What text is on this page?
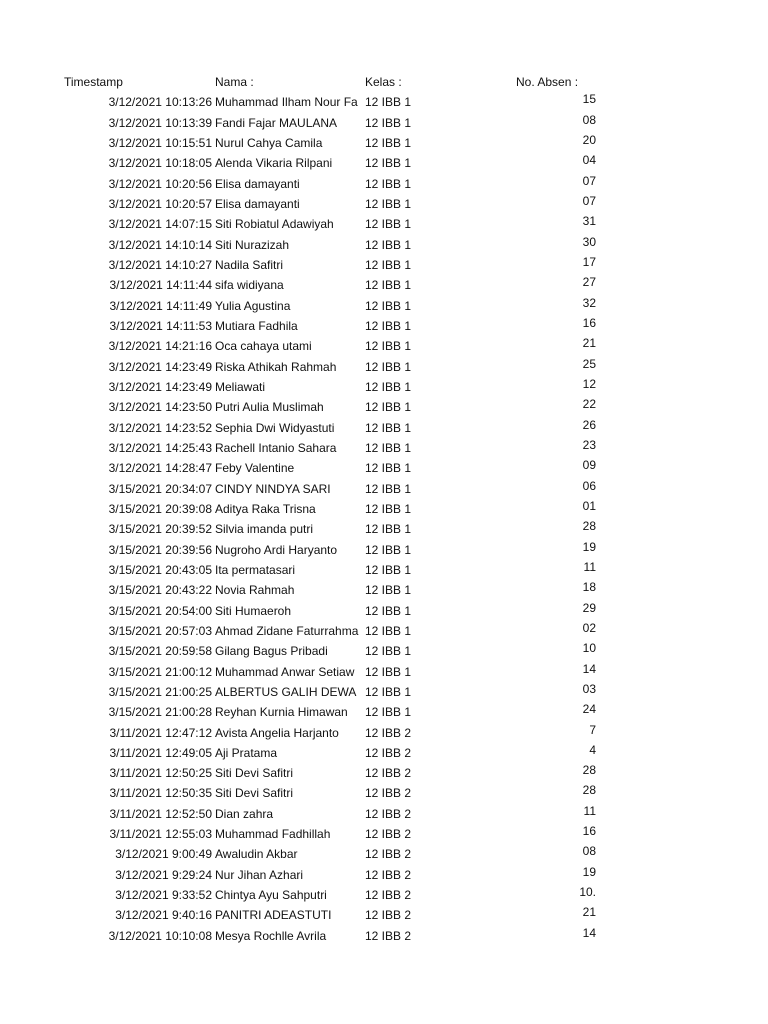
Timestamp	Nama :	Kelas :	No. Absen :
3/12/2021 10:13:26 Muhammad Ilham Nour Fa 12 IBB 1	15
3/12/2021 10:13:39 Fandi Fajar MAULANA	12 IBB 1	08
3/12/2021 10:15:51 Nurul Cahya Camila	12 IBB 1	20
3/12/2021 10:18:05 Alenda Vikaria Rilpani	12 IBB 1	04
3/12/2021 10:20:56 Elisa damayanti	12 IBB 1	07
3/12/2021 10:20:57 Elisa damayanti	12 IBB 1	07
3/12/2021 14:07:15 Siti Robiatul Adawiyah	12 IBB 1	31
3/12/2021 14:10:14 Siti Nurazizah	12 IBB 1	30
3/12/2021 14:10:27 Nadila Safitri	12 IBB 1	17
3/12/2021 14:11:44 sifa widiyana	12 IBB 1	27
3/12/2021 14:11:49 Yulia Agustina	12 IBB 1	32
3/12/2021 14:11:53 Mutiara Fadhila	12 IBB 1	16
3/12/2021 14:21:16 Oca cahaya utami	12 IBB 1	21
3/12/2021 14:23:49 Riska Athikah Rahmah	12 IBB 1	25
3/12/2021 14:23:49 Meliawati	12 IBB 1	12
3/12/2021 14:23:50 Putri Aulia Muslimah	12 IBB 1	22
3/12/2021 14:23:52 Sephia Dwi Widyastuti	12 IBB 1	26
3/12/2021 14:25:43 Rachell Intanio Sahara	12 IBB 1	23
3/12/2021 14:28:47 Feby Valentine	12 IBB 1	09
3/15/2021 20:34:07 CINDY NINDYA SARI	12 IBB 1	06
3/15/2021 20:39:08 Aditya Raka Trisna	12 IBB 1	01
3/15/2021 20:39:52 Silvia imanda putri	12 IBB 1	28
3/15/2021 20:39:56 Nugroho Ardi Haryanto	12 IBB 1	19
3/15/2021 20:43:05 Ita permatasari	12 IBB 1	11
3/15/2021 20:43:22 Novia Rahmah	12 IBB 1	18
3/15/2021 20:54:00 Siti Humaeroh	12 IBB 1	29
3/15/2021 20:57:03 Ahmad Zidane Faturrahma 12 IBB 1	02
3/15/2021 20:59:58 Gilang Bagus Pribadi	12 IBB 1	10
3/15/2021 21:00:12 Muhammad Anwar Setiaw 12 IBB 1	14
3/15/2021 21:00:25 ALBERTUS GALIH DEWA 12 IBB 1	03
3/15/2021 21:00:28 Reyhan Kurnia Himawan	12 IBB 1	24
3/11/2021 12:47:12 Avista Angelia Harjanto	12 IBB 2	7
3/11/2021 12:49:05 Aji Pratama	12 IBB 2	4
3/11/2021 12:50:25 Siti Devi Safitri	12 IBB 2	28
3/11/2021 12:50:35 Siti Devi Safitri	12 IBB 2	28
3/11/2021 12:52:50 Dian zahra	12 IBB 2	11
3/11/2021 12:55:03 Muhammad Fadhillah	12 IBB 2	16
3/12/2021 9:00:49 Awaludin Akbar	12 IBB 2	08
3/12/2021 9:29:24 Nur Jihan Azhari	12 IBB 2	19
3/12/2021 9:33:52 Chintya Ayu Sahputri	12 IBB 2	10.
3/12/2021 9:40:16 PANITRI ADEASTUTI	12 IBB 2	21
3/12/2021 10:10:08 Mesya Rochlle Avrila	12 IBB 2	14
